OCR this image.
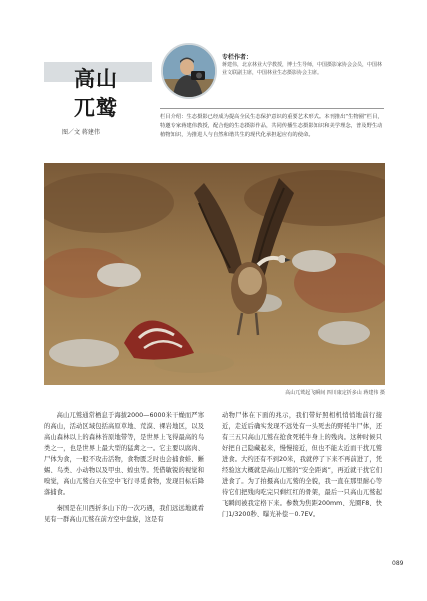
高山
兀鹫
图／文 蒋建伟
专栏作者：
蒋建伟，北京林业大学教授，博士生导师，中国摄影家协会会员，中国林业文联副主席，中国林业生态摄影协会主席。
栏目介绍：生态摄影已经成为提高全民生态保护意识的重要艺术形式。本刊推出“生物圈”栏目，特邀专家蒋建伟教授，配合他的生态摄影作品，共同传播生态摄影知识和美学理念，普及野生动植物知识，为推进人与自然和谐共生的现代化承担起应有的使命。
高山兀鹫起飞瞬间 四川康定折多山 蒋建伟 摄

高山兀鹫通常栖息于海拔2000—6000米干燥而严寒的高山，活动区域包括高原草地、荒漠、裸岩地区，以及高山森林以上的森林苔原地带等，是世界上飞得最高的鸟类之一，也是世界上最大型的猛禽之一。它主要以腐肉、尸体为食，一般不攻击活物，食物匮乏时也会捕食蛙、蜥蜴、鸟类、小动物以及甲虫、蝗虫等。凭借敏锐的视觉和嗅觉，高山兀鹫白天在空中飞行寻觅食物，发现目标后降落捕食。

秦国是在川西折多山下的一次巧遇，我们远远地就看见有一群高山兀鹫在前方空中盘旋，这是有

动物尸体在下面的兆示，我们带好照相机悄悄地前行接近，走近后确实发现不远处有一头死去的野牦牛尸体，还有三五只高山兀鹫在抢食死牦牛身上的残肉。这种时候只好把自己隐藏起来，慢慢接近，但也不能太近而干扰兀鹫进食。大约还有不到20米，我就停了下来不再前进了，凭经验这大概就是高山兀鹫的“安全距离”，再近就干扰它们进食了。为了拍摄高山兀鹫的全貌，我一直在那里耐心等待它们把残肉吃完只剩红红的骨架，最后一只高山兀鹫起飞瞬间被我定格下来。参数为焦距200mm、光圈F8、快门1/3200秒、曝光补偿－0.7EV。

089
